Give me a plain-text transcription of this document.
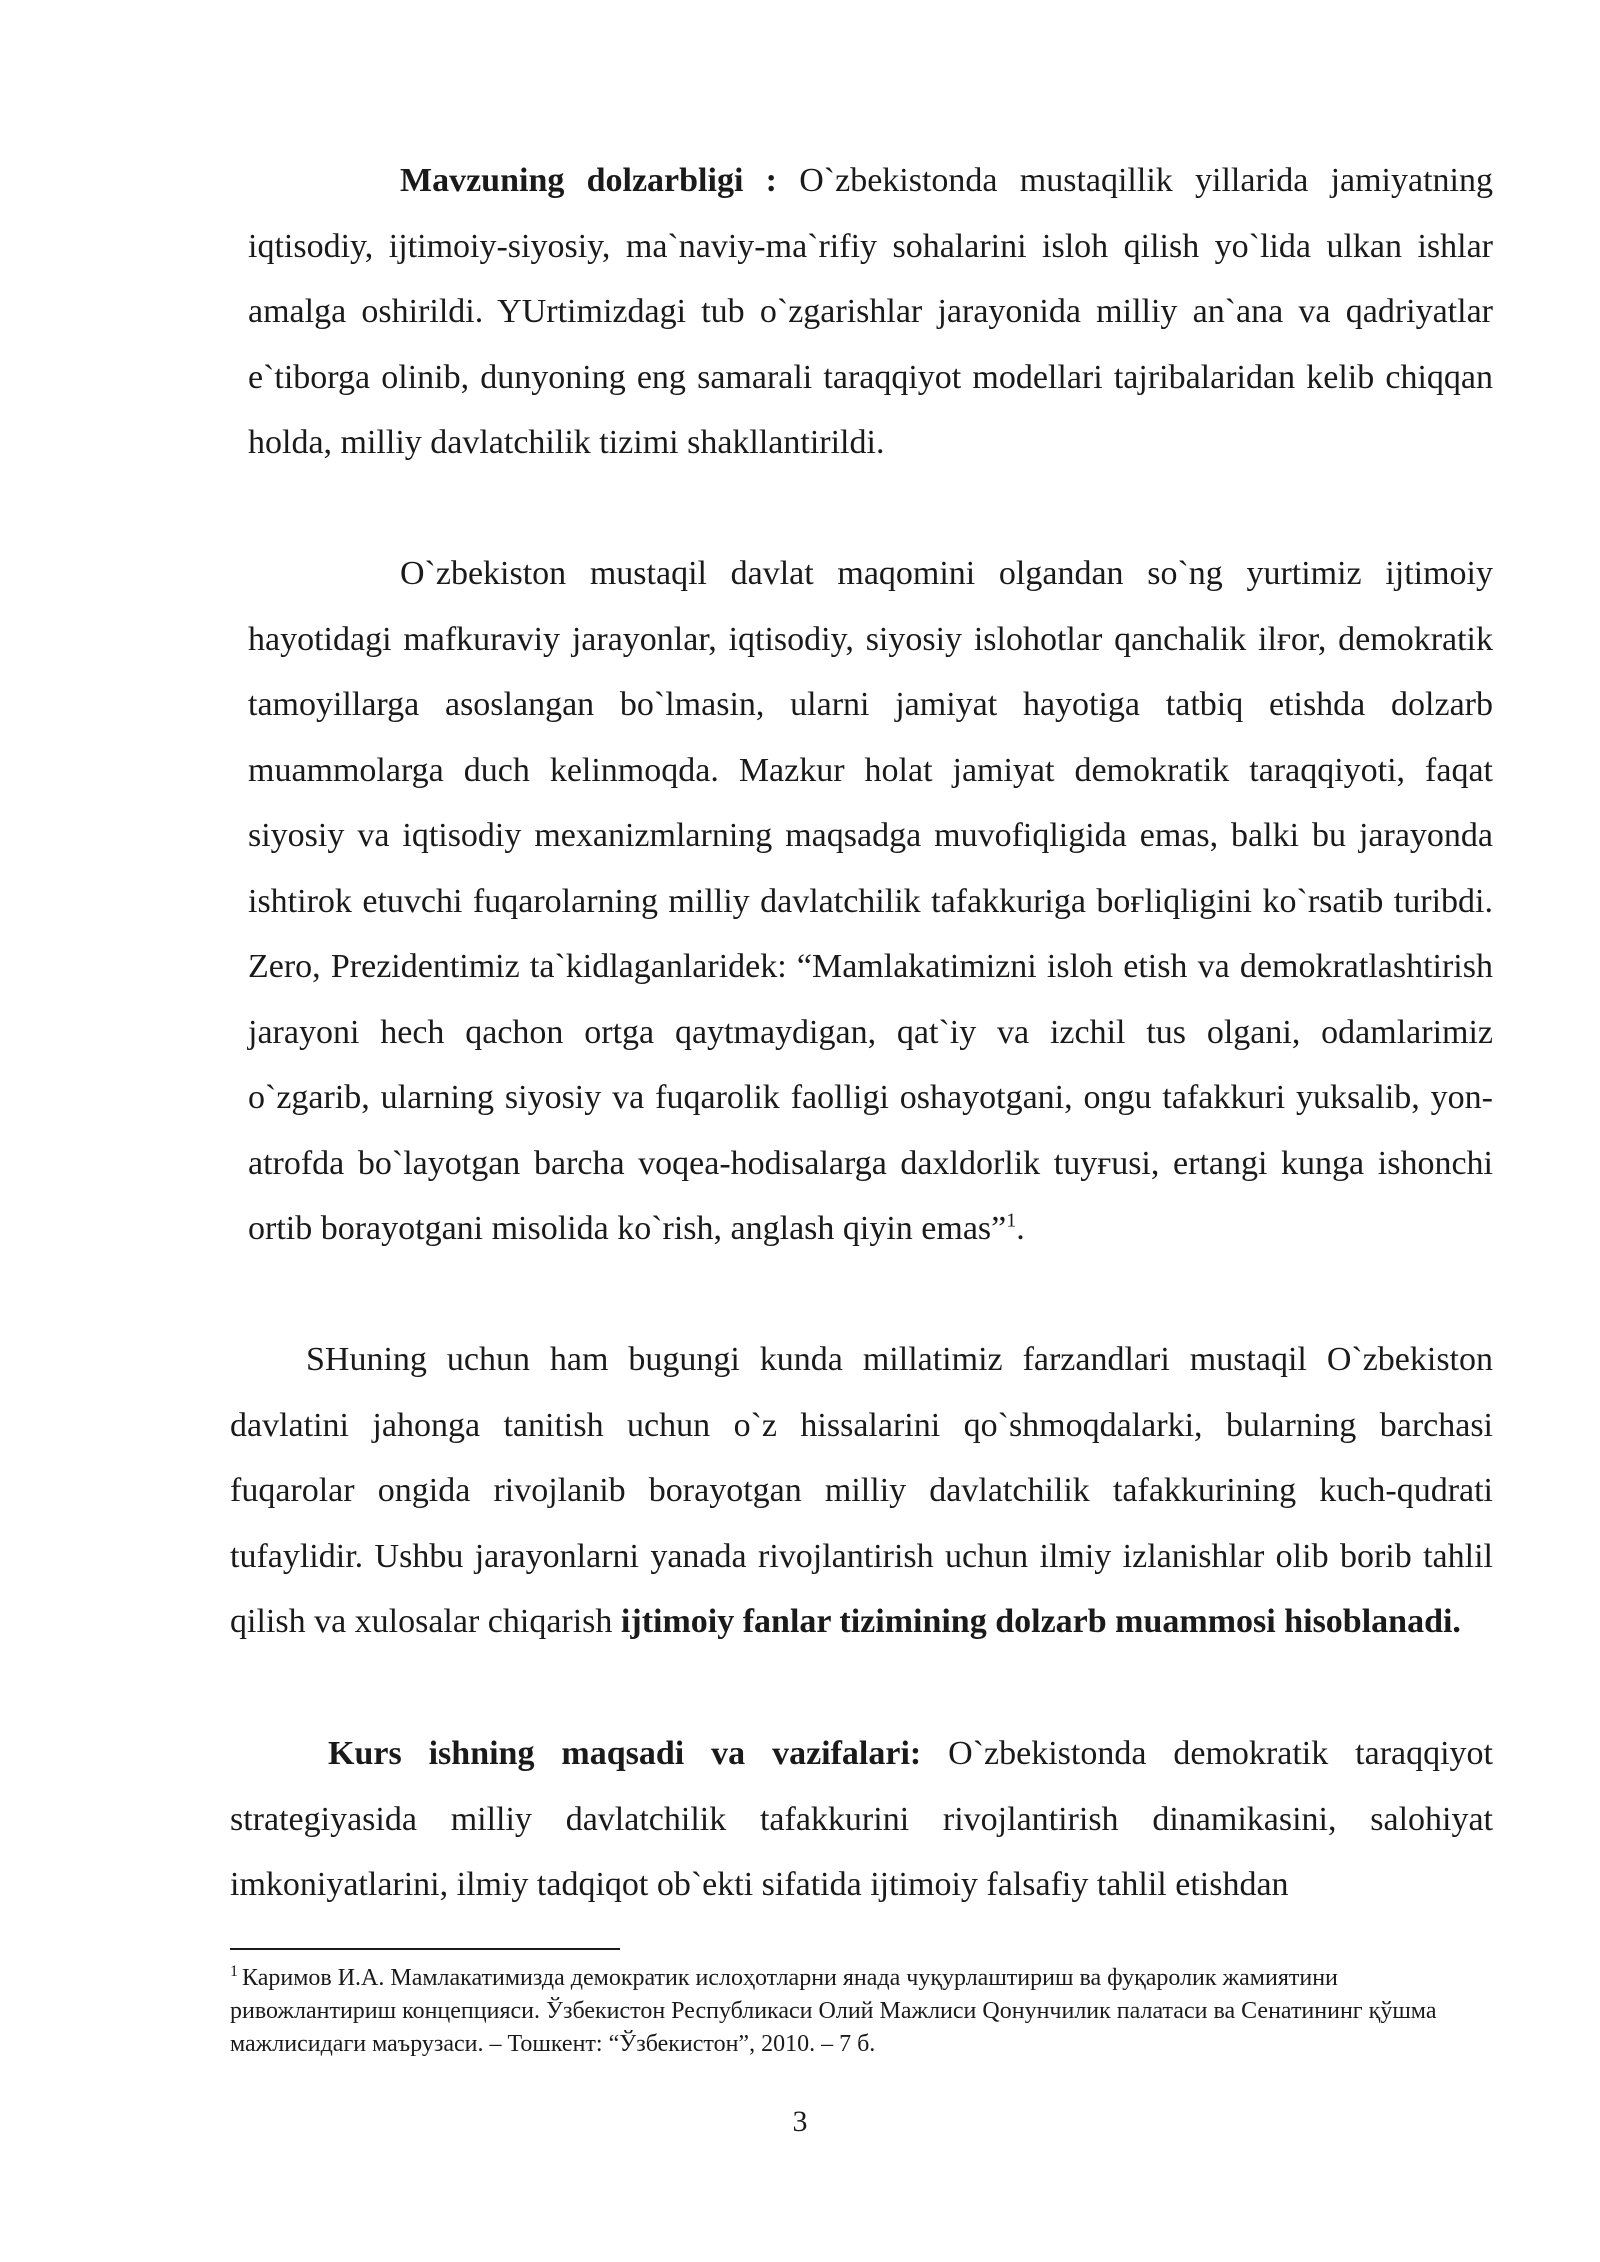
Mavzuning dolzarbligi : O`zbekistonda mustaqillik yillarida jamiyatning iqtisodiy, ijtimoiy-siyosiy, ma`naviy-ma`rifiy sohalarini isloh qilish yo`lida ulkan ishlar amalga oshirildi. YUrtimizdagi tub o`zgarishlar jarayonida milliy an`ana va qadriyatlar e`tiborga olinib, dunyoning eng samarali taraqqiyot modellari tajribalaridan kelib chiqqan holda, milliy davlatchilik tizimi shakllantirildi.

O`zbekiston mustaqil davlat maqomini olgandan so`ng yurtimiz ijtimoiy hayotidagi mafkuraviy jarayonlar, iqtisodiy, siyosiy islohotlar qanchalik ilғor, demokratik tamoyillarga asoslangan bo`lmasin, ularni jamiyat hayotiga tatbiq etishda dolzarb muammolarga duch kelinmoqda. Mazkur holat jamiyat demokratik taraqqiyoti, faqat siyosiy va iqtisodiy mexanizmlarning maqsadga muvofiqligida emas, balki bu jarayonda ishtirok etuvchi fuqarolarning milliy davlatchilik tafakkuriga boғliqligini ko`rsatib turibdi. Zero, Prezidentimiz ta`kidlaganlaridek: “Mamlakatimizni isloh etish va demokratlashtirish jarayoni hech qachon ortga qaytmaydigan, qat`iy va izchil tus olgani, odamlarimiz o`zgarib, ularning siyosiy va fuqarolik faolligi oshayotgani, ongu tafakkuri yuksalib, yon-atrofda bo`layotgan barcha voqea-hodisalarga daxldorlik tuyғusi, ertangi kunga ishonchi ortib borayotgani misolida ko`rish, anglash qiyin emas”$^1$.

SHuning uchun ham bugungi kunda millatimiz farzandlari mustaqil O`zbekiston davlatini jahonga tanitish uchun o`z hissalarini qo`shmoqdalarki, bularning barchasi fuqarolar ongida rivojlanib borayotgan milliy davlatchilik tafakkurining kuch-qudrati tufaylidir. Ushbu jarayonlarni yanada rivojlantirish uchun ilmiy izlanishlar olib borib tahlil qilish va xulosalar chiqarish ijtimoiy fanlar tizimining dolzarb muammosi hisoblanadi.

Kurs ishning maqsadi va vazifalari: O`zbekistonda demokratik taraqqiyot strategiyasida milliy davlatchilik tafakkurini rivojlantirish dinamikasini, salohiyat imkoniyatlarini, ilmiy tadqiqot ob`ekti sifatida ijtimoiy falsafiy tahlil etishdan

$^1$ Каримов И.А. Мамлакатимизда демократик ислоҳотларни янада чуқурлаштириш ва фуқаролик жамиятини ривожлантириш концепцияси. Ўзбекистон Республикаси Олий Мажлиси Qонунчилик палатаси ва Сенатининг қўшма мажлисидаги маърузаси. – Тошкент: “Ўзбекистон”, 2010. – 7 б.

3
